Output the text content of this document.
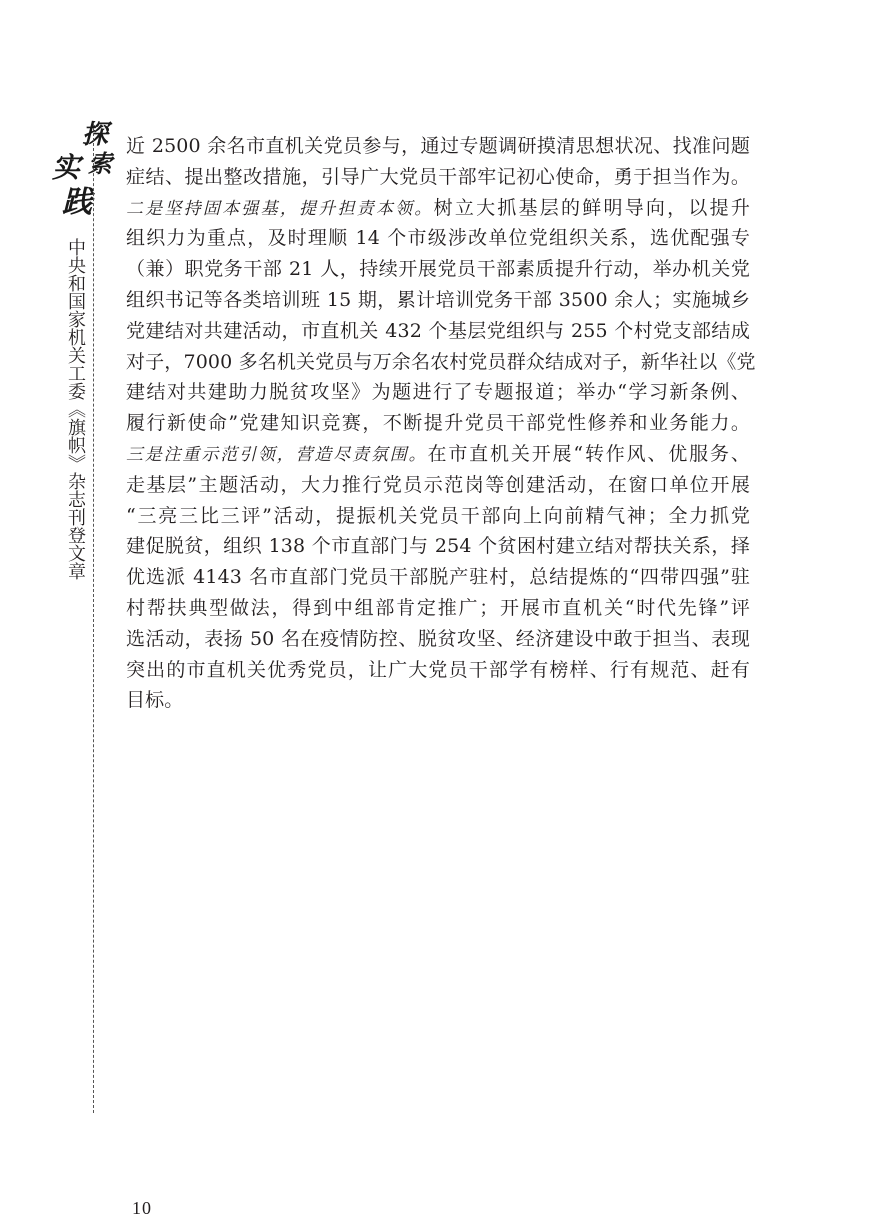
探
索
实
践
中央和国家机关工委《旗帜》杂志刊登文章
10

近 2500 余名市直机关党员参与，通过专题调研摸清思想状况、找准问题

症结、提出整改措施，引导广大党员干部牢记初心使命，勇于担当作为。

二是坚持固本强基，提升担责本领。树立大抓基层的鲜明导向，以提升

组织力为重点，及时理顺 14 个市级涉改单位党组织关系，选优配强专

（兼）职党务干部 21 人，持续开展党员干部素质提升行动，举办机关党

组织书记等各类培训班 15 期，累计培训党务干部 3500 余人；实施城乡

党建结对共建活动，市直机关 432 个基层党组织与 255 个村党支部结成

对子，7000 多名机关党员与万余名农村党员群众结成对子，新华社以《党

建结对共建助力脱贫攻坚》为题进行了专题报道；举办“学习新条例、

履行新使命”党建知识竞赛，不断提升党员干部党性修养和业务能力。

三是注重示范引领，营造尽责氛围。在市直机关开展“转作风、优服务、

走基层”主题活动，大力推行党员示范岗等创建活动，在窗口单位开展

“三亮三比三评”活动，提振机关党员干部向上向前精气神；全力抓党

建促脱贫，组织 138 个市直部门与 254 个贫困村建立结对帮扶关系，择

优选派 4143 名市直部门党员干部脱产驻村，总结提炼的“四带四强”驻

村帮扶典型做法，得到中组部肯定推广；开展市直机关“时代先锋”评

选活动，表扬 50 名在疫情防控、脱贫攻坚、经济建设中敢于担当、表现

突出的市直机关优秀党员，让广大党员干部学有榜样、行有规范、赶有

目标。
